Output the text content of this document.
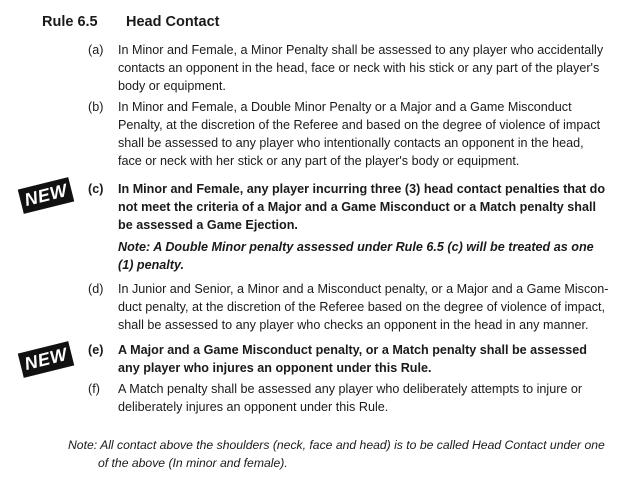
Rule 6.5 Head Contact
(a) In Minor and Female, a Minor Penalty shall be assessed to any player who accidentally
contacts an opponent in the head, face or neck with his stick or any part of the player's
body or equipment.
(b) In Minor and Female, a Double Minor Penalty or a Major and a Game Misconduct
Penalty, at the discretion of the Referee and based on the degree of violence of impact
shall be assessed to any player who intentionally contacts an opponent in the head,
face or neck with her stick or any part of the player's body or equipment.
NEW	(c) In Minor and Female, any player incurring three (3) head contact penalties that do
not meet the criteria of a Major and a Game Misconduct or a Match penalty shall
be assessed a Game Ejection.
Note: A Double Minor penalty assessed under Rule 6.5 (c) will be treated as one
(1) penalty.
(d) In Junior and Senior, a Minor and a Misconduct penalty, or a Major and a Game Miscon-
duct penalty, at the discretion of the Referee based on the degree of violence of impact,
shall be assessed to any player who checks an opponent in the head in any manner.
NEW	(e) A Major and a Game Misconduct penalty, or a Match penalty shall be assessed
any player who injures an opponent under this Rule.
(f) A Match penalty shall be assessed any player who deliberately attempts to injure or
deliberately injures an opponent under this Rule.
Note: All contact above the shoulders (neck, face and head) is to be called Head Contact under one
of the above (In minor and female).
